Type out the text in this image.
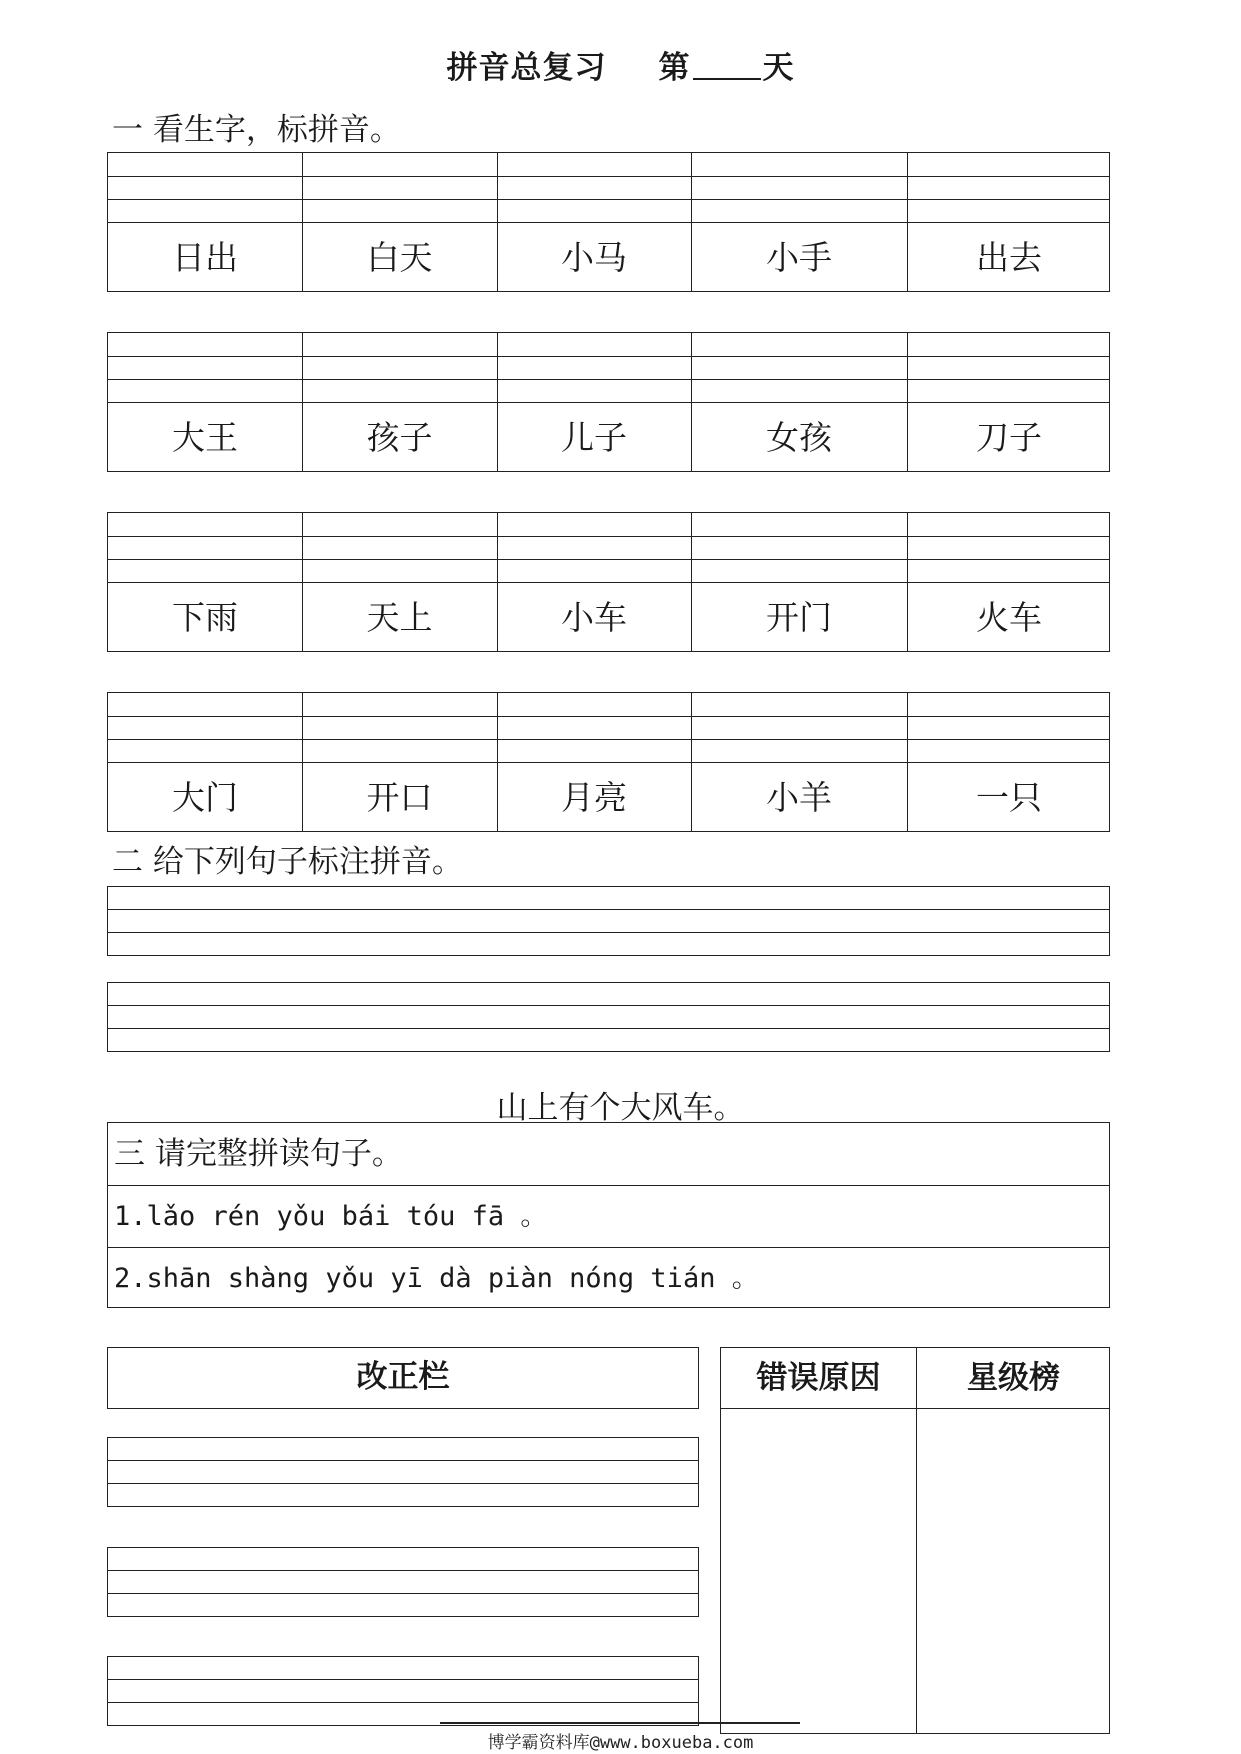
拼音总复习 第 天
一 看生字，标拼音。
日出	白天	小马	小手	出去
大王	孩子	儿子	女孩	刀子
下雨	天上	小车	开门	火车
大门	开口	月亮	小羊	一只
二 给下列句子标注拼音。
山上有个大风车。
三 请完整拼读句子。
1.lǎo rén yǒu bái tóu fā 。
2.shān shàng yǒu yī dà piàn nóng tián 。
改正栏	错误原因	星级榜
博学霸资料库@www.boxueba.com
